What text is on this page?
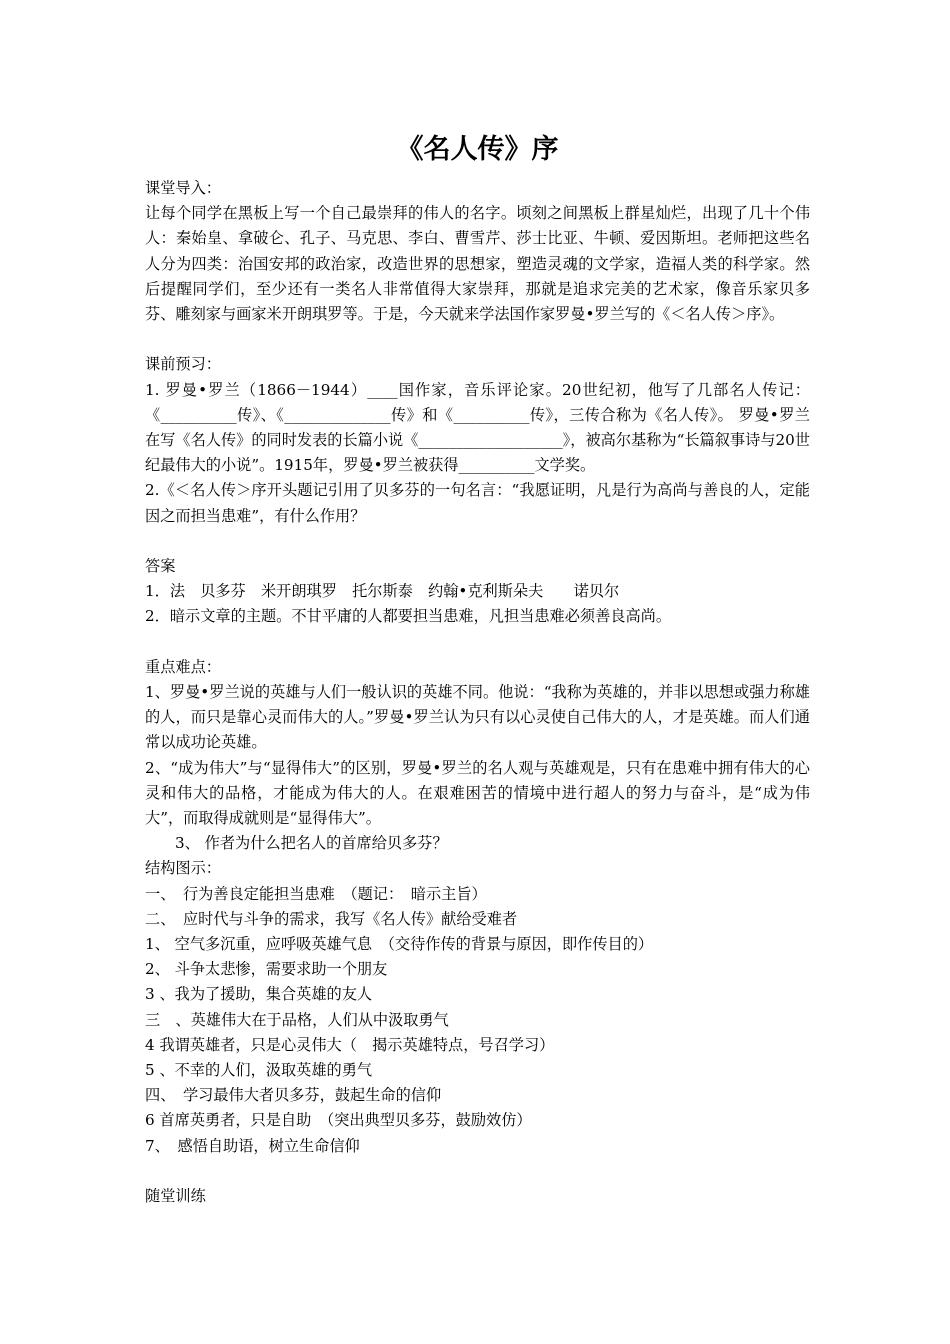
《名人传》序

课堂导入：

让每个同学在黑板上写一个自己最崇拜的伟人的名字。顷刻之间黑板上群星灿烂，出现了几十个伟人：秦始皇、拿破仑、孔子、马克思、李白、曹雪芹、莎士比亚、牛顿、爱因斯坦。老师把这些名人分为四类：治国安邦的政治家，改造世界的思想家，塑造灵魂的文学家，造福人类的科学家。然后提醒同学们，至少还有一类名人非常值得大家崇拜，那就是追求完美的艺术家，像音乐家贝多芬、雕刻家与画家米开朗琪罗等。于是，今天就来学法国作家罗曼•罗兰写的《＜名人传＞序》。

课前预习：

1. 罗曼•罗兰（1866－1944）____国作家，音乐评论家。20世纪初，他写了几部名人传记：《__________传》、《______________传》和《__________传》，三传合称为《名人传》。 罗曼•罗兰在写《名人传》的同时发表的长篇小说《___________________》，被高尔基称为“长篇叙事诗与20世纪最伟大的小说”。1915年，罗曼•罗兰被获得__________文学奖。

2.《＜名人传＞序开头题记引用了贝多芬的一句名言：“我愿证明，凡是行为高尚与善良的人，定能因之而担当患难”，有什么作用？

答案

1．法　贝多芬　米开朗琪罗　托尔斯泰　约翰•克利斯朵夫　　诺贝尔

2．暗示文章的主题。不甘平庸的人都要担当患难，凡担当患难必须善良高尚。

重点难点：

1、罗曼•罗兰说的英雄与人们一般认识的英雄不同。他说：“我称为英雄的，并非以思想或强力称雄的人，而只是靠心灵而伟大的人。”罗曼•罗兰认为只有以心灵使自己伟大的人，才是英雄。而人们通常以成功论英雄。

2、“成为伟大”与“显得伟大”的区别，罗曼•罗兰的名人观与英雄观是，只有在患难中拥有伟大的心灵和伟大的品格，才能成为伟大的人。在艰难困苦的情境中进行超人的努力与奋斗，是“成为伟大”，而取得成就则是“显得伟大”。

3、 作者为什么把名人的首席给贝多芬？

结构图示：

一、　行为善良定能担当患难　（题记：　暗示主旨）

二、　应时代与斗争的需求，我写《名人传》献给受难者

1、 空气多沉重，应呼吸英雄气息　（交待作传的背景与原因，即作传目的）

2、 斗争太悲惨，需要求助一个朋友

3 、我为了援助，集合英雄的友人

三　、英雄伟大在于品格，人们从中汲取勇气

4 我谓英雄者，只是心灵伟大（　揭示英雄特点，号召学习）

5 、不幸的人们，汲取英雄的勇气

四、　学习最伟大者贝多芬，鼓起生命的信仰

6 首席英勇者，只是自助　（突出典型贝多芬，鼓励效仿）

7、　感悟自助语，树立生命信仰

随堂训练
